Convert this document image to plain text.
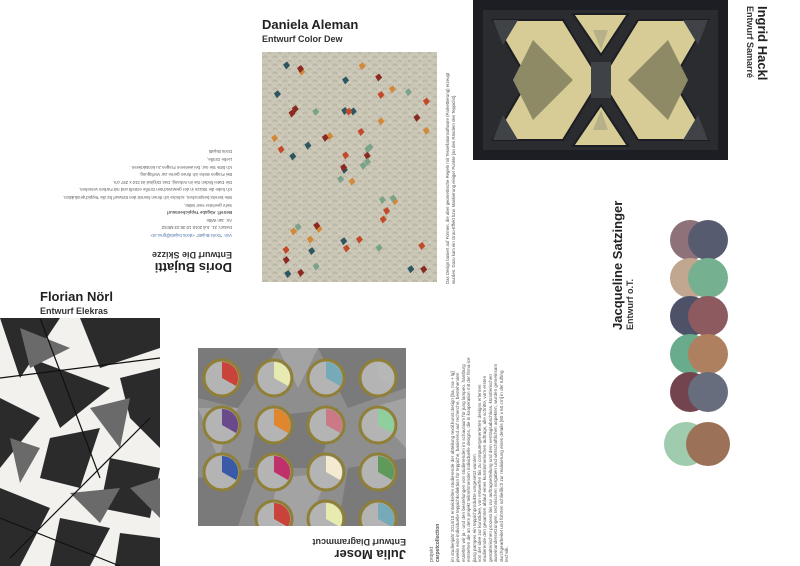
Daniela Aleman
Entwurf Color Dew
Das Design basiert auf Formen, die aber geometrische Regeln mit Tessellationsoftware (Parkettierung) erzeugt wurden. Dazu kam ein Grau-Effekt bzw. Maskierung einiger Punkte [an den Rändern des Teppichs].
Ingrid Hackl
Entwurf Samarré
Doris Bujatti
Entwurf Die Skizze

Von: "Doris Bujatti" <doris.bujatti@gmx.at>

Datum: 21. Juli 2015 10:36:33 MESZ

An: Jan Witte

Betreff: Abgabe Teppichentwurf

Sehr geehrter Herr Witte,

Wie bereits besprochen, schicke ich Ihnen hiermit den Entwurf für die Teppichproduktion.

Ich habe die Skizze in der gewünschten Größe erstellt und mit Farben versehen.

Die Datei finden Sie im Anhang. Das Original ist 210 x 297 cm.

Bei Fragen stehe ich Ihnen gerne zur Verfügung.

Ich bitte Sie nur, bei weiteren Fragen zu kontaktieren.

Liebe Grüße,

Doris Bujatti

Florian Nörl
Entwurf Elekras
Julia Moser
Entwurf Diagrammcut
projekt carpetcollection im studienjahr 2014/15 entwickelten studierende der abteilung textil.kunst.design [ba, ma + lg] jeweils eine individuelle teppichkollektion für teppiche, basierend auf recherche, bestehenden erzielten wir ja - und den bestellungen von studierenden im schauraum für jung lampeo. hamburg entstehen die an dem projekt teilnehmenden individuelle designs, die in kooperation mit der firma ice jiang pampes ein teppichprodukte umgesetzt wurden. von der idee zur kunstidee, von entwerfen bis zu computergenerierten designs erlernen studierende den gesamten ablauf eines kunstismerischen auftrags, alle schritte, vom ersten gestalterischen prozess bis zur auftragserteilung und dem vertragsabschluss. künstlerischen auseinandersetzungen, technischen vorgaben und wirtschaftlichen aspekten, wurden gemeinsam durchgearbeitet und führten schließlich zur realisierung eines details [60 x 60 cm] in der tufting technik.
Jacqueline Satzinger Entwurf o.T.
